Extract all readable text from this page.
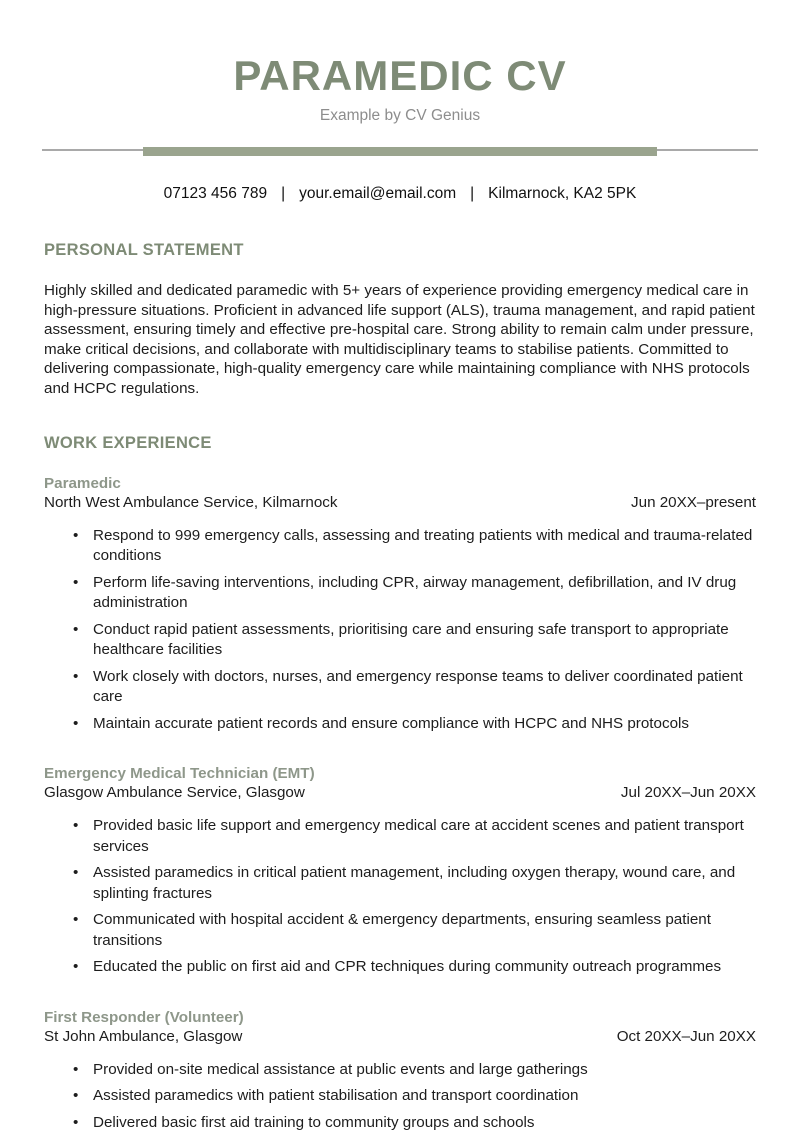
PARAMEDIC CV
Example by CV Genius
07123 456 789 | your.email@email.com | Kilmarnock, KA2 5PK
PERSONAL STATEMENT

Highly skilled and dedicated paramedic with 5+ years of experience providing emergency medical care in high-pressure situations. Proficient in advanced life support (ALS), trauma management, and rapid patient assessment, ensuring timely and effective pre-hospital care. Strong ability to remain calm under pressure, make critical decisions, and collaborate with multidisciplinary teams to stabilise patients. Committed to delivering compassionate, high-quality emergency care while maintaining compliance with NHS protocols and HCPC regulations.

WORK EXPERIENCE
Paramedic
North West Ambulance Service, Kilmarnock	Jun 20XX–present
• Respond to 999 emergency calls, assessing and treating patients with medical and trauma-related conditions
• Perform life-saving interventions, including CPR, airway management, defibrillation, and IV drug administration
• Conduct rapid patient assessments, prioritising care and ensuring safe transport to appropriate healthcare facilities
• Work closely with doctors, nurses, and emergency response teams to deliver coordinated patient care
• Maintain accurate patient records and ensure compliance with HCPC and NHS protocols
Emergency Medical Technician (EMT)
Glasgow Ambulance Service, Glasgow	Jul 20XX–Jun 20XX
• Provided basic life support and emergency medical care at accident scenes and patient transport services
• Assisted paramedics in critical patient management, including oxygen therapy, wound care, and splinting fractures
• Communicated with hospital accident & emergency departments, ensuring seamless patient transitions
• Educated the public on first aid and CPR techniques during community outreach programmes
First Responder (Volunteer)
St John Ambulance, Glasgow	Oct 20XX–Jun 20XX
• Provided on-site medical assistance at public events and large gatherings
• Assisted paramedics with patient stabilisation and transport coordination
• Delivered basic first aid training to community groups and schools
